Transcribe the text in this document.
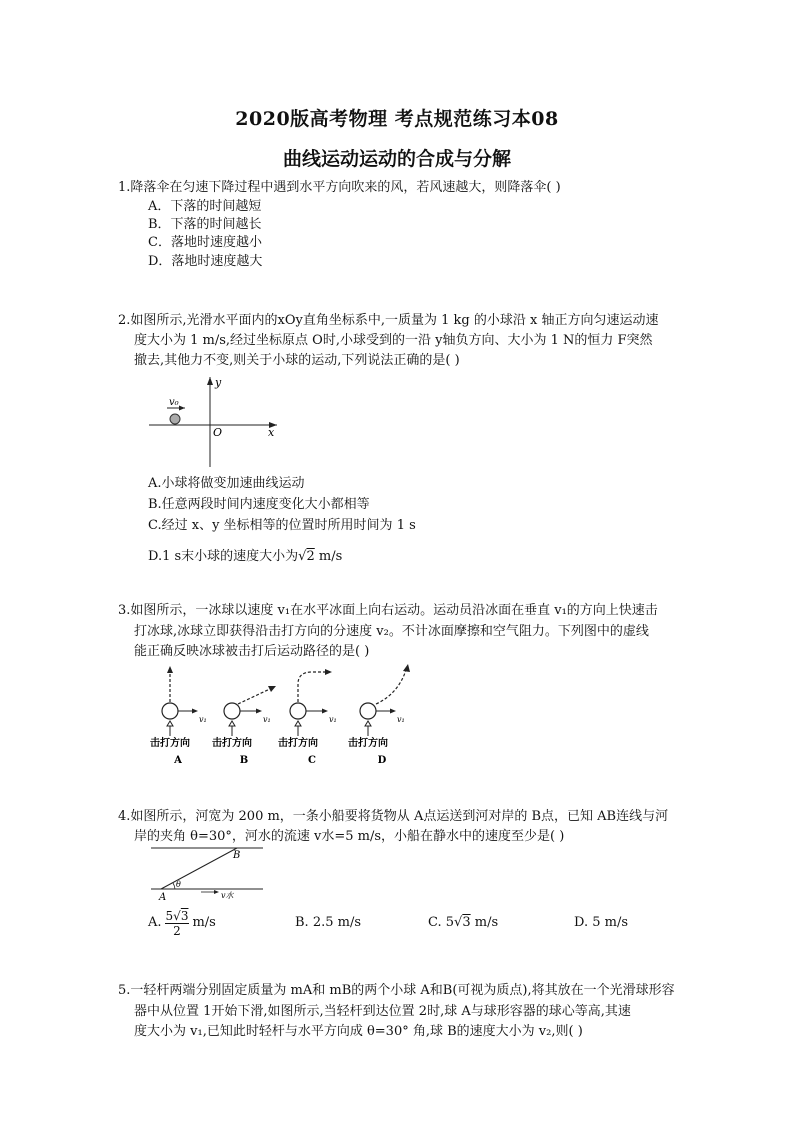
2020版高考物理 考点规范练习本08
曲线运动运动的合成与分解
1.降落伞在匀速下降过程中遇到水平方向吹来的风，若风速越大，则降落伞( )
A．下落的时间越短
B．下落的时间越长
C．落地时速度越小
D．落地时速度越大
2.如图所示,光滑水平面内的xOy直角坐标系中,一质量为 1 kg 的小球沿 x 轴正方向匀速运动速
度大小为 1 m/s,经过坐标原点 O时,小球受到的一沿 y轴负方向、大小为 1 N的恒力 F突然
撤去,其他力不变,则关于小球的运动,下列说法正确的是( )
v₀
y
x
O
A.小球将做变加速曲线运动
B.任意两段时间内速度变化大小都相等
C.经过 x、y 坐标相等的位置时所用时间为 1 s
D.1 s末小球的速度大小为√2 m/s
3.如图所示，一冰球以速度 v₁在水平冰面上向右运动。运动员沿冰面在垂直 v₁的方向上快速击
打冰球,冰球立即获得沿击打方向的分速度 v₂。不计冰面摩擦和空气阻力。下列图中的虚线
能正确反映冰球被击打后运动路径的是( )
v₁
击打方向
A
v₁
击打方向
B
v₁
击打方向
C
v₁
击打方向
D
4.如图所示，河宽为 200 m，一条小船要将货物从 A点运送到河对岸的 B点，已知 AB连线与河
岸的夹角 θ=30°，河水的流速 v水=5 m/s，小船在静水中的速度至少是( )
B
A
θ
v水
A. $\frac{5√3}{2} m/s$	B. 2.5 m/s	C. 5√3 m/s	D. 5 m/s
5.一轻杆两端分别固定质量为 mA和 mB的两个小球 A和B(可视为质点),将其放在一个光滑球形容
器中从位置 1开始下滑,如图所示,当轻杆到达位置 2时,球 A与球形容器的球心等高,其速
度大小为 v₁,已知此时轻杆与水平方向成 θ=30° 角,球 B的速度大小为 v₂,则( )
